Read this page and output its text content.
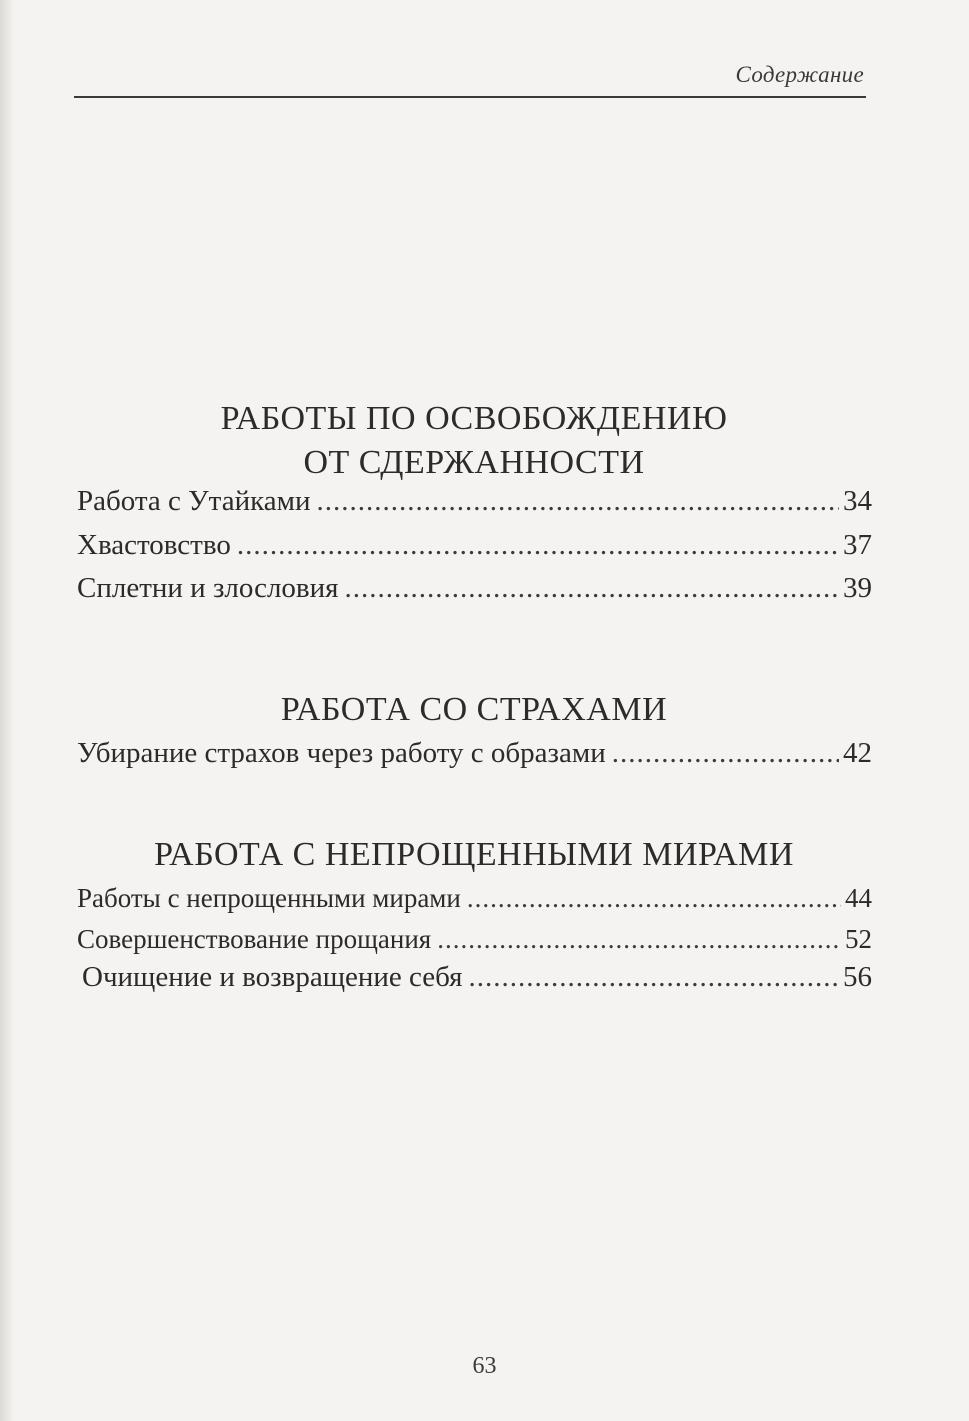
Содержание
РАБОТЫ ПО ОСВОБОЖДЕНИЮ
ОТ СДЕРЖАННОСТИ
Работа с Утайками .....	34
Хвастовство .....	37
Сплетни и злословия .....	39
РАБОТА СО СТРАХАМИ
Убирание страхов через работу с образами .....	42
РАБОТА С НЕПРОЩЕННЫМИ МИРАМИ
Работы с непрощенными мирами .....	44
Совершенствование прощания .....	52
Очищение и возвращение себя .....	56
63
